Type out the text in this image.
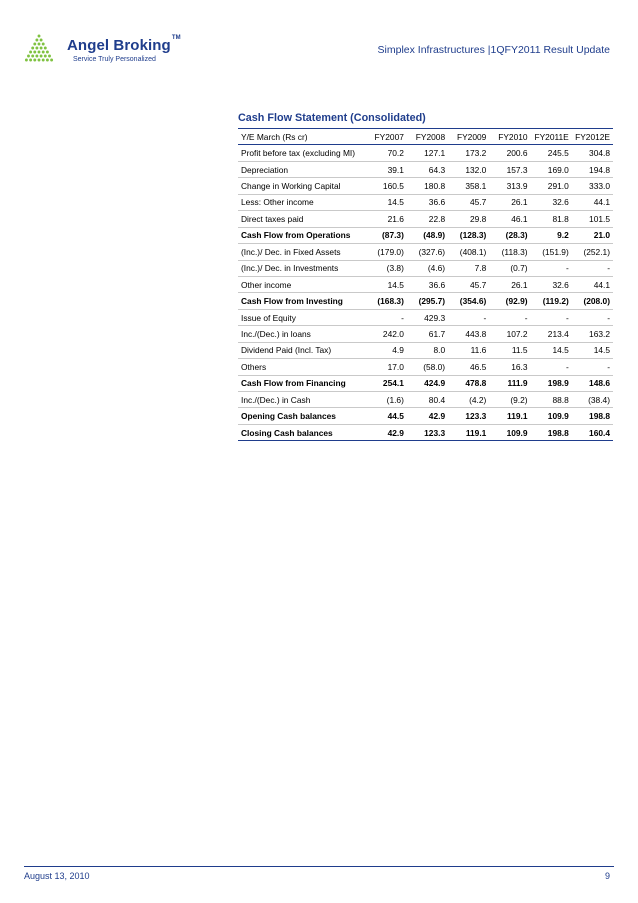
Angel Broking™
Service Truly Personalized
Simplex Infrastructures |1QFY2011 Result Update
Cash Flow Statement (Consolidated)
Y/E March (Rs cr)	FY2007	FY2008	FY2009	FY2010	FY2011E	FY2012E
Profit before tax (excluding MI)	70.2	127.1	173.2	200.6	245.5	304.8
Depreciation	39.1	64.3	132.0	157.3	169.0	194.8
Change in Working Capital	160.5	180.8	358.1	313.9	291.0	333.0
Less: Other income	14.5	36.6	45.7	26.1	32.6	44.1
Direct taxes paid	21.6	22.8	29.8	46.1	81.8	101.5
Cash Flow from Operations	(87.3)	(48.9)	(128.3)	(28.3)	9.2	21.0
(Inc.)/ Dec. in Fixed Assets	(179.0)	(327.6)	(408.1)	(118.3)	(151.9)	(252.1)
(Inc.)/ Dec. in Investments	(3.8)	(4.6)	7.8	(0.7)	-	-
Other income	14.5	36.6	45.7	26.1	32.6	44.1
Cash Flow from Investing	(168.3)	(295.7)	(354.6)	(92.9)	(119.2)	(208.0)
Issue of Equity	-	429.3	-	-	-	-
Inc./(Dec.) in loans	242.0	61.7	443.8	107.2	213.4	163.2
Dividend Paid (Incl. Tax)	4.9	8.0	11.6	11.5	14.5	14.5
Others	17.0	(58.0)	46.5	16.3	-	-
Cash Flow from Financing	254.1	424.9	478.8	111.9	198.9	148.6
Inc./(Dec.) in Cash	(1.6)	80.4	(4.2)	(9.2)	88.8	(38.4)
Opening Cash balances	44.5	42.9	123.3	119.1	109.9	198.8
Closing Cash balances	42.9	123.3	119.1	109.9	198.8	160.4
August 13, 2010	9
